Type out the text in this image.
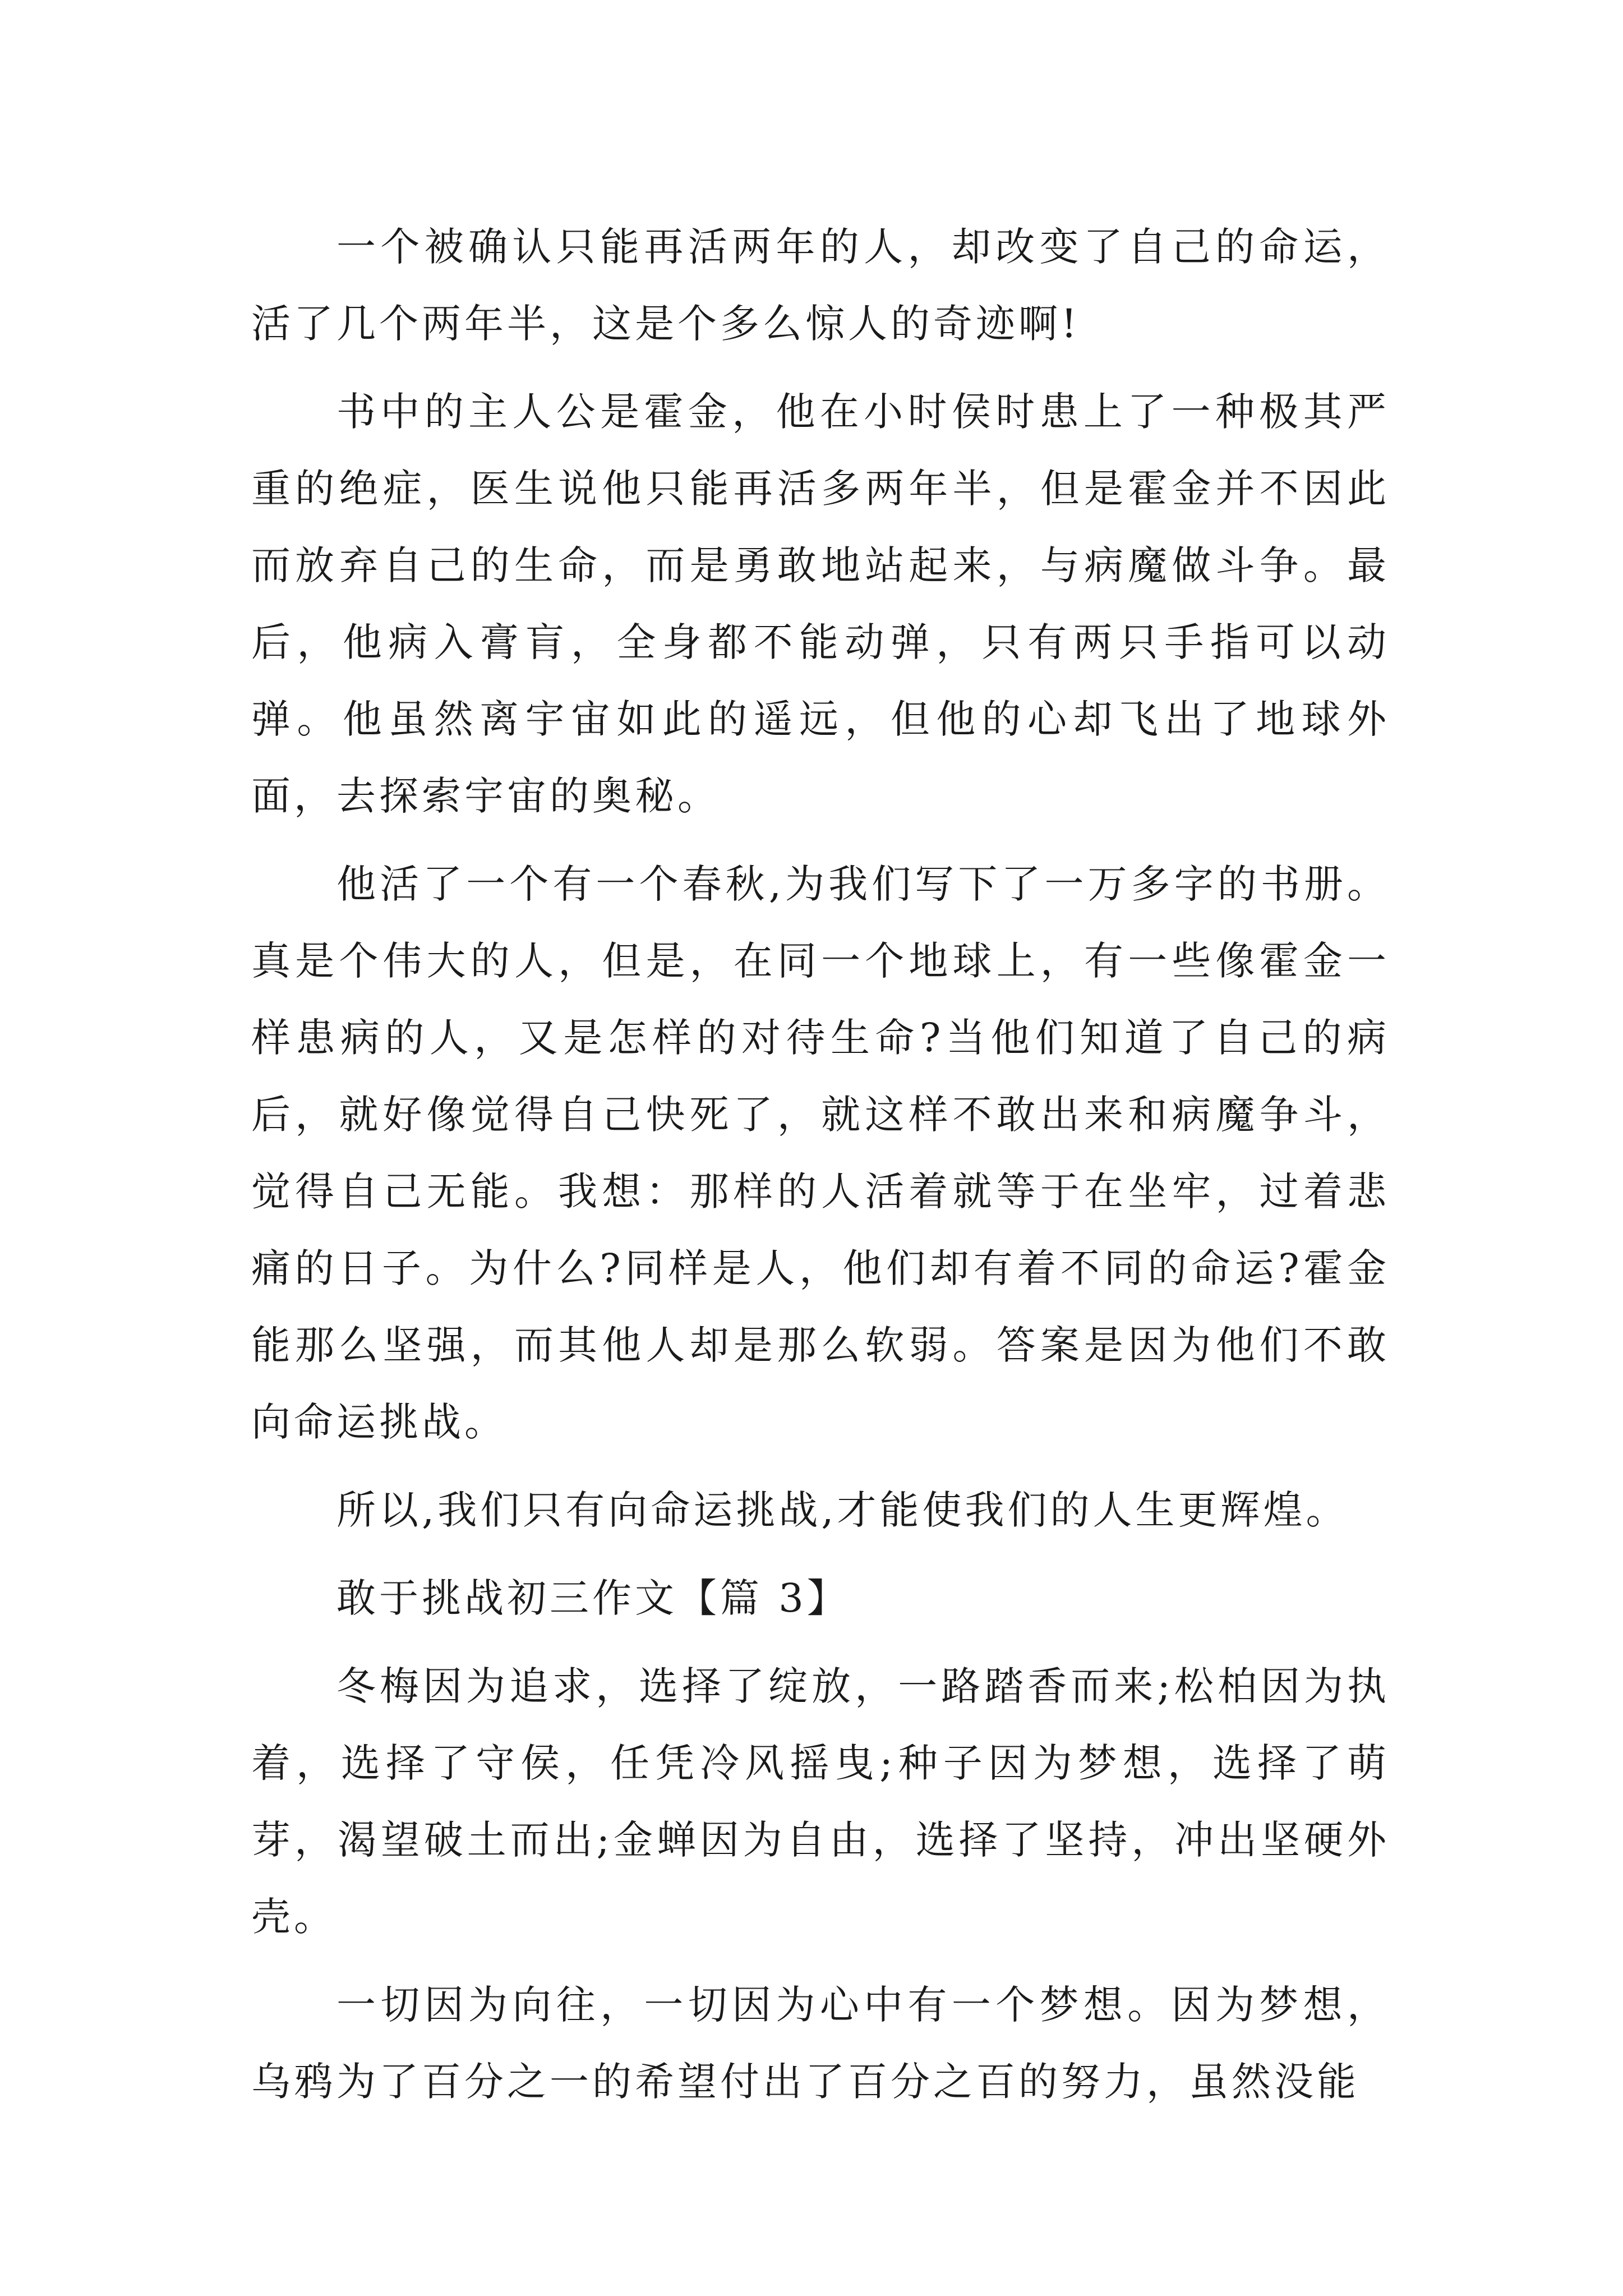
一个被确认只能再活两年的人，却改变了自己的命运，活了几个两年半，这是个多么惊人的奇迹啊!

书中的主人公是霍金，他在小时侯时患上了一种极其严重的绝症，医生说他只能再活多两年半，但是霍金并不因此而放弃自己的生命，而是勇敢地站起来，与病魔做斗争。最后，他病入膏肓，全身都不能动弹，只有两只手指可以动弹。他虽然离宇宙如此的遥远，但他的心却飞出了地球外面，去探索宇宙的奥秘。

他活了一个有一个春秋,为我们写下了一万多字的书册。真是个伟大的人，但是，在同一个地球上，有一些像霍金一样患病的人，又是怎样的对待生命?当他们知道了自己的病后，就好像觉得自己快死了，就这样不敢出来和病魔争斗，觉得自己无能。我想：那样的人活着就等于在坐牢，过着悲痛的日子。为什么?同样是人，他们却有着不同的命运?霍金能那么坚强，而其他人却是那么软弱。答案是因为他们不敢向命运挑战。

所以,我们只有向命运挑战,才能使我们的人生更辉煌。

敢于挑战初三作文【篇 3】

冬梅因为追求，选择了绽放，一路踏香而来;松柏因为执着，选择了守侯，任凭冷风摇曳;种子因为梦想，选择了萌芽，渴望破土而出;金蝉因为自由，选择了坚持，冲出坚硬外壳。

一切因为向往，一切因为心中有一个梦想。因为梦想，乌鸦为了百分之一的希望付出了百分之百的努力，虽然没能
